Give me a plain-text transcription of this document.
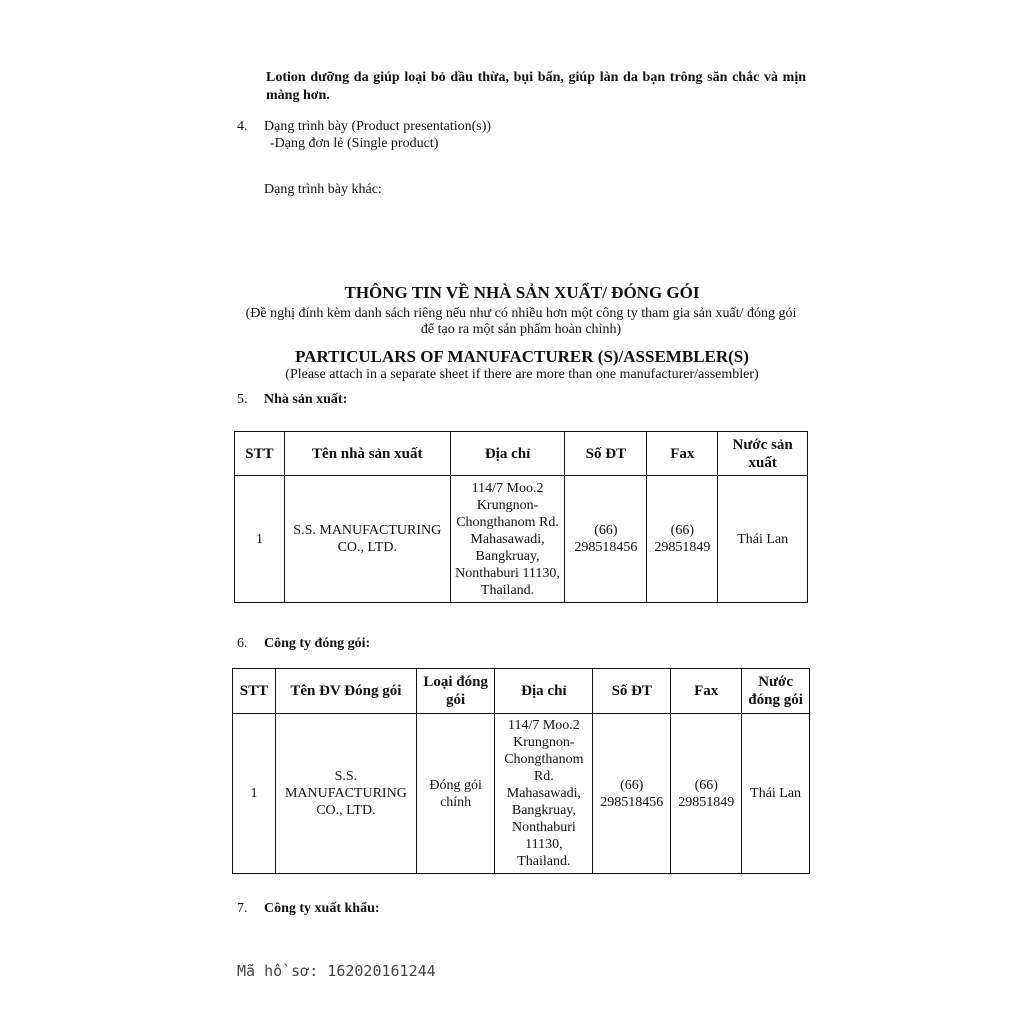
Lotion dưỡng da giúp loại bỏ dầu thừa, bụi bẩn, giúp làn da bạn trông săn chắc và mịn màng hơn.
4. Dạng trình bày (Product presentation(s))
-Dạng đơn lẻ (Single product)
Dạng trình bày khác:
THÔNG TIN VỀ NHÀ SẢN XUẤT/ ĐÓNG GÓI
(Đề nghị đính kèm danh sách riêng nếu như có nhiều hơn một công ty tham gia sản xuất/ đóng gói để tạo ra một sản phẩm hoàn chỉnh)
PARTICULARS OF MANUFACTURER (S)/ASSEMBLER(S)
(Please attach in a separate sheet if there are more than one manufacturer/assembler)
5. Nhà sản xuất:
STT	Tên nhà sản xuất	Địa chỉ	Số ĐT	Fax	Nước sản xuất
1	S.S. MANUFACTURING CO., LTD.	114/7 Moo.2 Krungnon-Chongthanom Rd. Mahasawadi, Bangkruay, Nonthaburi 11130, Thailand.	(66) 298518456	(66) 29851849	Thái Lan
6. Công ty đóng gói:
STT	Tên ĐV Đóng gói	Loại đóng gói	Địa chỉ	Số ĐT	Fax	Nước đóng gói
1	S.S. MANUFACTURING CO., LTD.	Đóng gói chính	114/7 Moo.2 Krungnon-Chongthanom Rd. Mahasawadi, Bangkruay, Nonthaburi 11130, Thailand.	(66) 298518456	(66) 29851849	Thái Lan
7. Công ty xuất khẩu:
Mã hồ sơ: 162020161244
